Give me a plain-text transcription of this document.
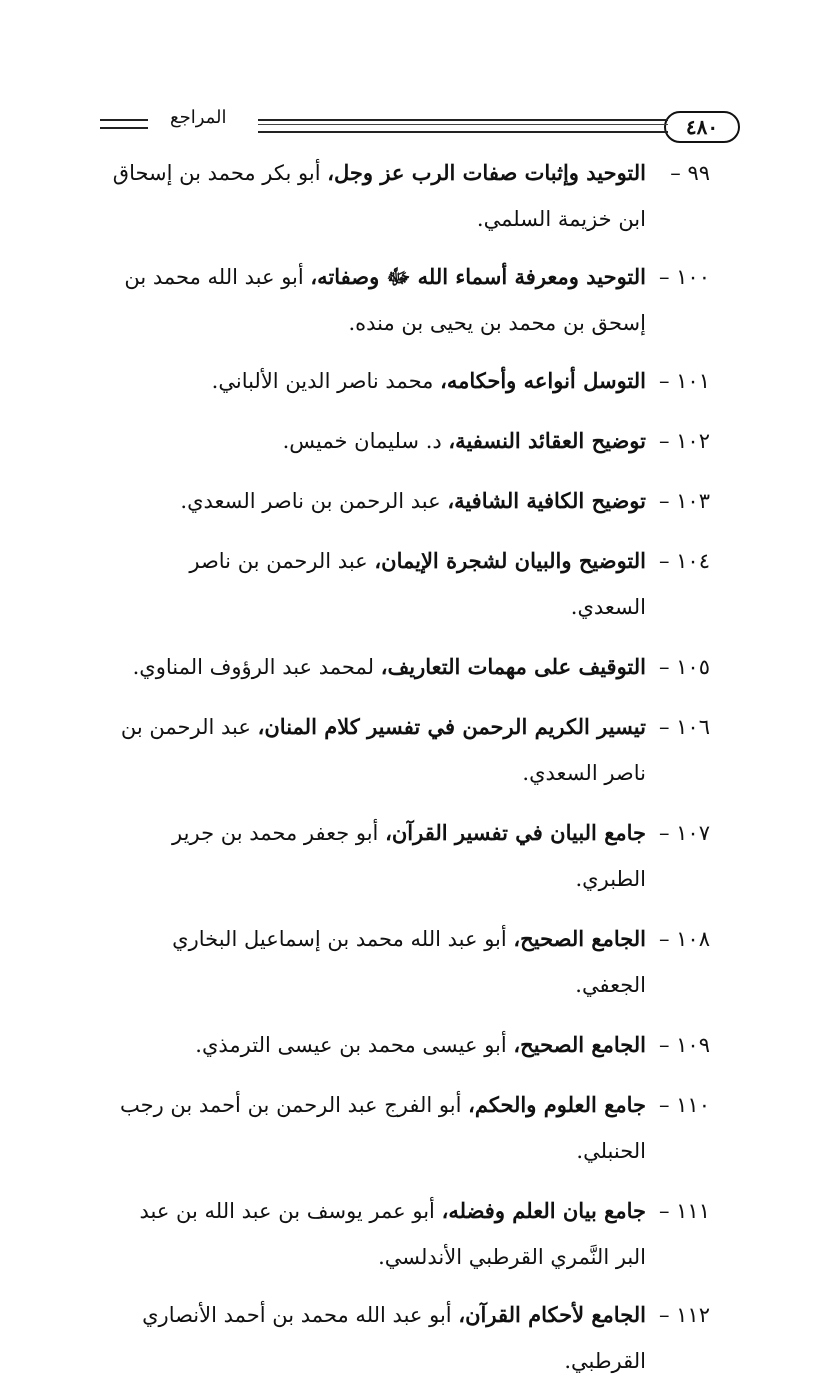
٤٨٠
المراجع
٩٩ –
التوحيد وإثبات صفات الرب عز وجل، أبو بكر محمد بن إسحاق ابن خزيمة السلمي.
١٠٠ –
التوحيد ومعرفة أسماء الله ﷻ وصفاته، أبو عبد الله محمد بن إسحق بن محمد بن يحيى بن منده.
١٠١ –
التوسل أنواعه وأحكامه، محمد ناصر الدين الألباني.
١٠٢ –
توضيح العقائد النسفية، د. سليمان خميس.
١٠٣ –
توضيح الكافية الشافية، عبد الرحمن بن ناصر السعدي.
١٠٤ –
التوضيح والبيان لشجرة الإيمان، عبد الرحمن بن ناصر السعدي.
١٠٥ –
التوقيف على مهمات التعاريف، لمحمد عبد الرؤوف المناوي.
١٠٦ –
تيسير الكريم الرحمن في تفسير كلام المنان، عبد الرحمن بن ناصر السعدي.
١٠٧ –
جامع البيان في تفسير القرآن، أبو جعفر محمد بن جرير الطبري.
١٠٨ –
الجامع الصحيح، أبو عبد الله محمد بن إسماعيل البخاري الجعفي.
١٠٩ –
الجامع الصحيح، أبو عيسى محمد بن عيسى الترمذي.
١١٠ –
جامع العلوم والحكم، أبو الفرج عبد الرحمن بن أحمد بن رجب الحنبلي.
١١١ –
جامع بيان العلم وفضله، أبو عمر يوسف بن عبد الله بن عبد البر النَّمري القرطبي الأندلسي.
١١٢ –
الجامع لأحكام القرآن، أبو عبد الله محمد بن أحمد الأنصاري القرطبي.
